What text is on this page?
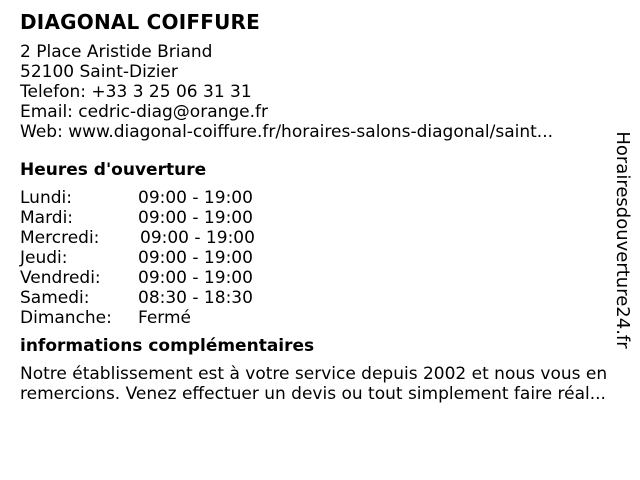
DIAGONAL COIFFURE
2 Place Aristide Briand
52100 Saint-Dizier
Telefon: +33 3 25 06 31 31
Email: cedric-diag@orange.fr
Web: www.diagonal-coiffure.fr/horaires-salons-diagonal/saint...
Heures d'ouverture
Lundi:	09:00 - 19:00
Mardi:	09:00 - 19:00
Mercredi:	09:00 - 19:00
Jeudi:	09:00 - 19:00
Vendredi:	09:00 - 19:00
Samedi:	08:30 - 18:30
Dimanche:	Fermé
informations complémentaires

Notre établissement est à votre service depuis 2002 et nous vous en remercions. Venez effectuer un devis ou tout simplement faire réal...

Horairesdouverture24.fr
